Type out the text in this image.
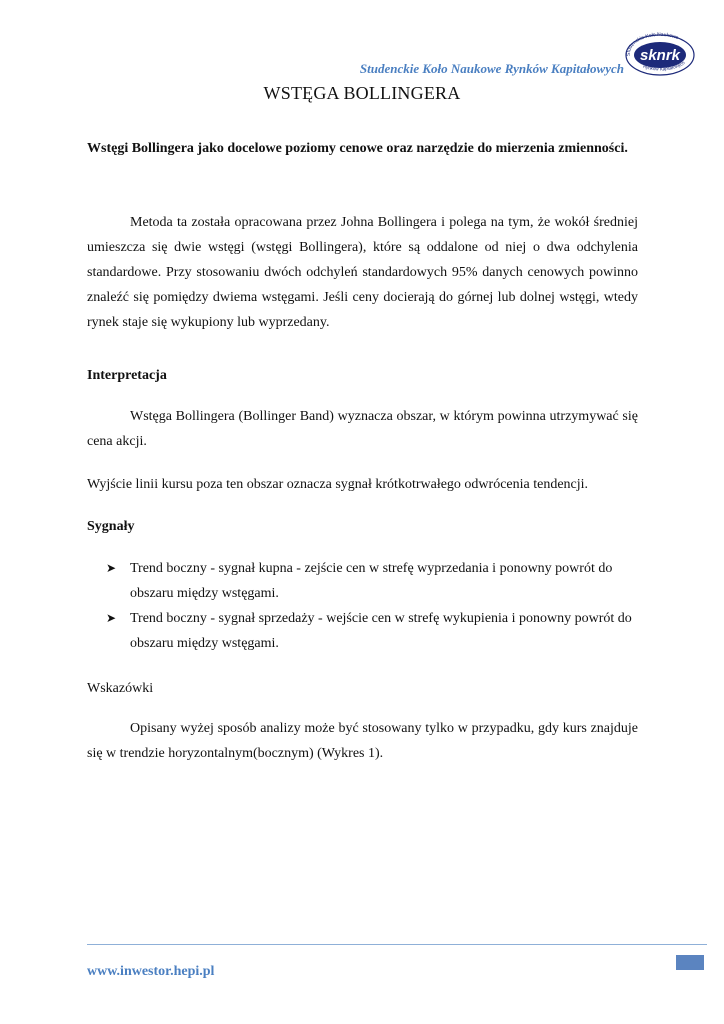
Studenckie Koło Naukowe Rynków Kapitałowych
Studenckie Koło Naukowe
Rynków Kapitałowych
sknrk
WSTĘGA BOLLINGERA

Wstęgi Bollingera jako docelowe poziomy cenowe oraz narzędzie do mierzenia zmienności.

Metoda ta została opracowana przez Johna Bollingera i polega na tym, że wokół średniej umieszcza się dwie wstęgi (wstęgi Bollingera), które są oddalone od niej o dwa odchylenia standardowe. Przy stosowaniu dwóch odchyleń standardowych 95% danych cenowych powinno znaleźć się pomiędzy dwiema wstęgami. Jeśli ceny docierają do górnej lub dolnej wstęgi, wtedy rynek staje się wykupiony lub wyprzedany.

Interpretacja

Wstęga Bollingera (Bollinger Band) wyznacza obszar, w którym powinna utrzymywać się cena akcji.

Wyjście linii kursu poza ten obszar oznacza sygnał krótkotrwałego odwrócenia tendencji.

Sygnały

➤ Trend boczny - sygnał kupna - zejście cen w strefę wyprzedania i ponowny powrót do obszaru między wstęgami.
➤ Trend boczny - sygnał sprzedaży - wejście cen w strefę wykupienia i ponowny powrót do obszaru między wstęgami.

Wskazówki

Opisany wyżej sposób analizy może być stosowany tylko w przypadku, gdy kurs znajduje się w trendzie horyzontalnym(bocznym) (Wykres 1).

www.inwestor.hepi.pl
